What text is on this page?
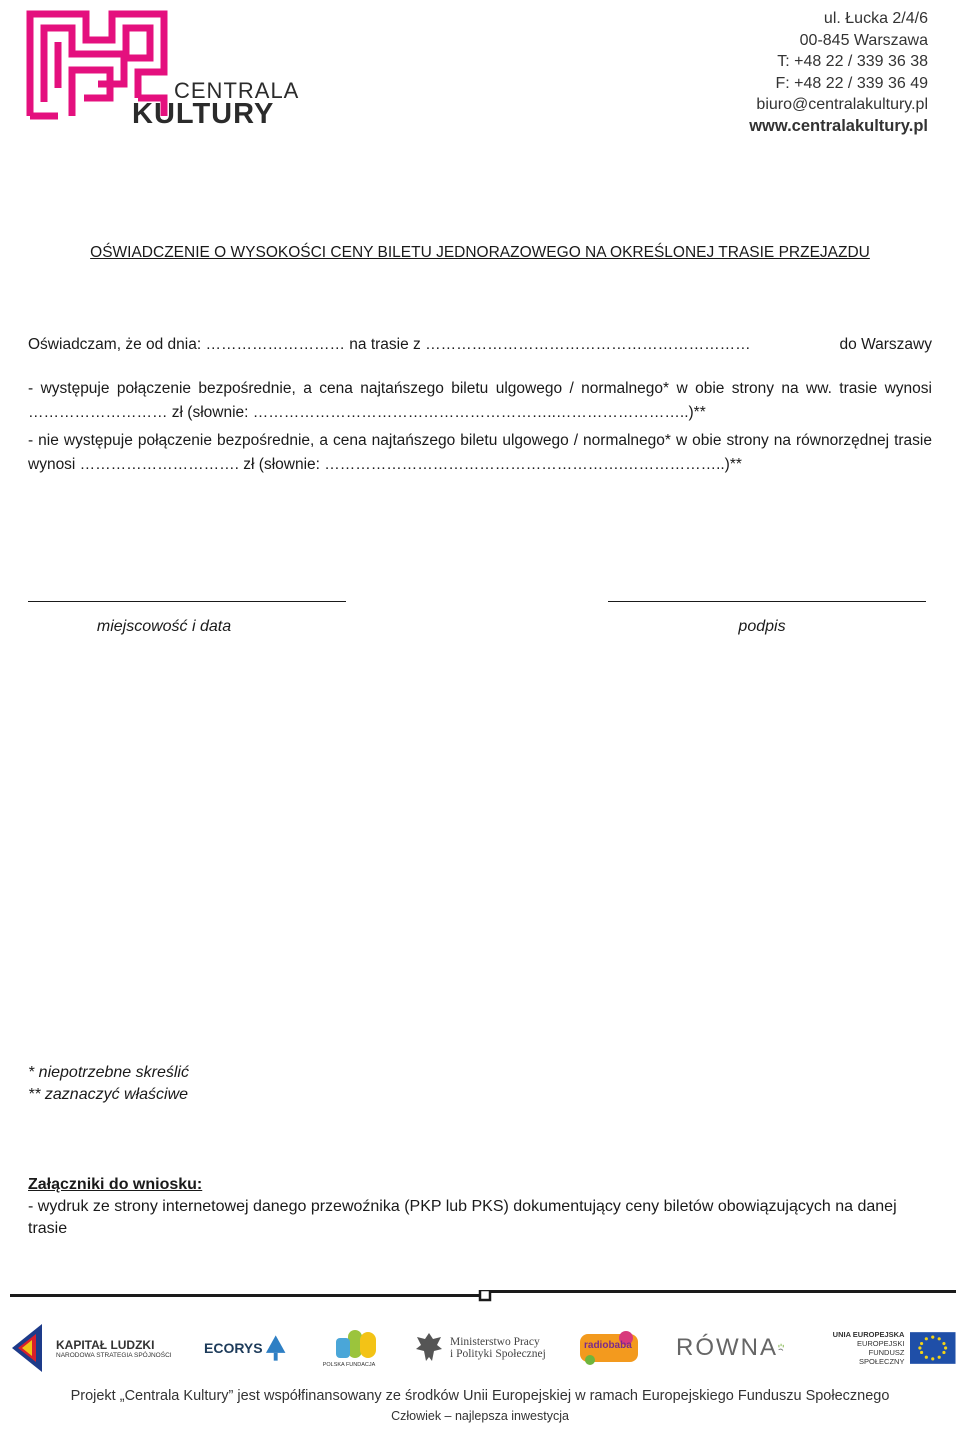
CENTRALA
KULTURY
ul. Łucka 2/4/6
00-845 Warszawa
T: +48 22 / 339 36 38
F: +48 22 / 339 36 49
biuro@centralakultury.pl
www.centralakultury.pl
OŚWIADCZENIE O WYSOKOŚCI CENY BILETU JEDNORAZOWEGO NA OKREŚLONEJ TRASIE PRZEJAZDU
Oświadczam, że od dnia: ……………………… na trasie z ………………………………………………………	do Warszawy
- występuje połączenie bezpośrednie, a cena najtańszego biletu ulgowego / normalnego* w obie strony na ww. trasie wynosi ……………………… zł (słownie: …………………………………………………..……………………..)**
- nie występuje połączenie bezpośrednie, a cena najtańszego biletu ulgowego / normalnego* w obie strony na równorzędnej trasie wynosi …………………………. zł (słownie: ………………………………………………….………………..)**
miejscowość i data	podpis
* niepotrzebne skreślić
** zaznaczyć właściwe
Załączniki do wniosku:
- wydruk ze strony internetowej danego przewoźnika (PKP lub PKS) dokumentujący ceny biletów obowiązujących na danej trasie
KAPITAŁ LUDZKI
NARODOWA STRATEGIA SPÓJNOŚCI ECORYS
POLSKA FUNDACJA
Ministerstwo Pracy
i Polityki Społecznej
radiobaba RÓWNA	UNIA EUROPEJSKA
EUROPEJSKI
FUNDUSZ SPOŁECZNY
Projekt „Centrala Kultury” jest współfinansowany ze środków Unii Europejskiej w ramach Europejskiego Funduszu Społecznego
Człowiek – najlepsza inwestycja
